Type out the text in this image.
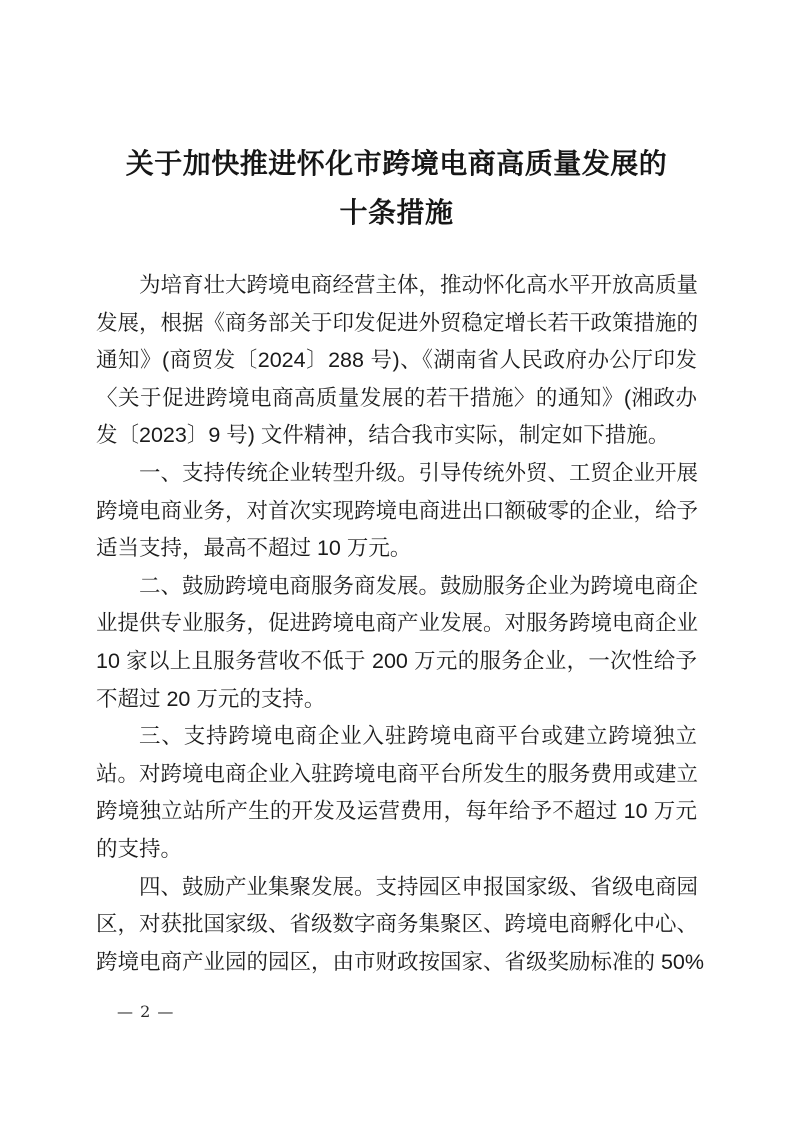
关于加快推进怀化市跨境电商高质量发展的
十条措施

为培育壮大跨境电商经营主体，推动怀化高水平开放高质量
发展，根据《商务部关于印发促进外贸稳定增长若干政策措施的
通知》(商贸发〔2024〕288 号)、《湖南省人民政府办公厅印发
〈关于促进跨境电商高质量发展的若干措施〉的通知》(湘政办
发〔2023〕9 号) 文件精神，结合我市实际，制定如下措施。

一、支持传统企业转型升级。引导传统外贸、工贸企业开展
跨境电商业务，对首次实现跨境电商进出口额破零的企业，给予
适当支持，最高不超过 10 万元。

二、鼓励跨境电商服务商发展。鼓励服务企业为跨境电商企
业提供专业服务，促进跨境电商产业发展。对服务跨境电商企业
10 家以上且服务营收不低于 200 万元的服务企业，一次性给予
不超过 20 万元的支持。

三、支持跨境电商企业入驻跨境电商平台或建立跨境独立
站。对跨境电商企业入驻跨境电商平台所发生的服务费用或建立
跨境独立站所产生的开发及运营费用，每年给予不超过 10 万元
的支持。

四、鼓励产业集聚发展。支持园区申报国家级、省级电商园
区，对获批国家级、省级数字商务集聚区、跨境电商孵化中心、
跨境电商产业园的园区，由市财政按国家、省级奖励标准的 50%

— 2 —
